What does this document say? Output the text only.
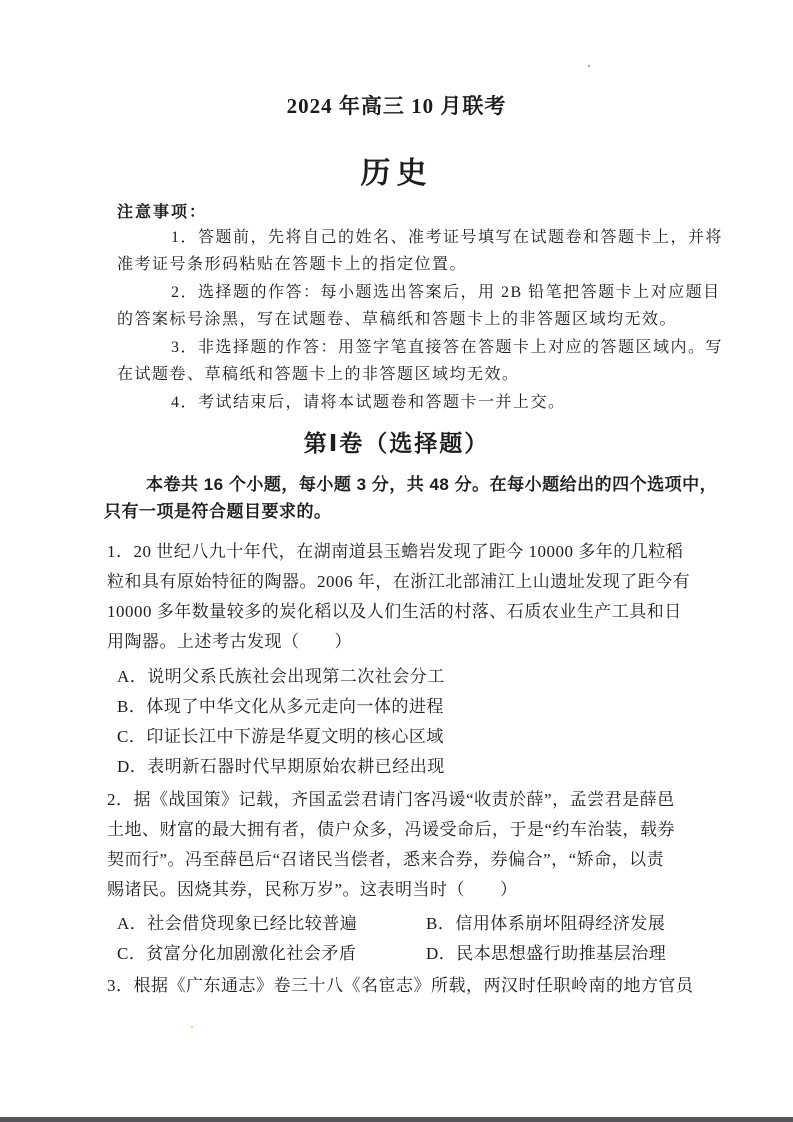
2024 年高三 10 月联考
历史
注意事项：
1．答题前，先将自己的姓名、准考证号填写在试题卷和答题卡上，并将
准考证号条形码粘贴在答题卡上的指定位置。
2．选择题的作答：每小题选出答案后，用 2B 铅笔把答题卡上对应题目
的答案标号涂黑，写在试题卷、草稿纸和答题卡上的非答题区域均无效。
3．非选择题的作答：用签字笔直接答在答题卡上对应的答题区域内。写
在试题卷、草稿纸和答题卡上的非答题区域均无效。
4．考试结束后，请将本试题卷和答题卡一并上交。
第Ⅰ卷（选择题）
本卷共 16 个小题，每小题 3 分，共 48 分。在每小题给出的四个选项中，
只有一项是符合题目要求的。
1．20 世纪八九十年代，在湖南道县玉蟾岩发现了距今 10000 多年的几粒稻
粒和具有原始特征的陶器。2006 年，在浙江北部浦江上山遗址发现了距今有
10000 多年数量较多的炭化稻以及人们生活的村落、石质农业生产工具和日
用陶器。上述考古发现（　　）
A．说明父系氏族社会出现第二次社会分工
B．体现了中华文化从多元走向一体的进程
C．印证长江中下游是华夏文明的核心区域
D．表明新石器时代早期原始农耕已经出现
2．据《战国策》记载，齐国孟尝君请门客冯谖“收责於薛”，孟尝君是薛邑
土地、财富的最大拥有者，债户众多，冯谖受命后，于是“约车治装，载券
契而行”。冯至薛邑后“召诸民当偿者，悉来合券，券偏合”，“矫命，以责
赐诸民。因烧其券，民称万岁”。这表明当时（　　）
A．社会借贷现象已经比较普遍	B．信用体系崩坏阻碍经济发展
C．贫富分化加剧激化社会矛盾	D．民本思想盛行助推基层治理
3．根据《广东通志》卷三十八《名宦志》所载，两汉时任职岭南的地方官员
